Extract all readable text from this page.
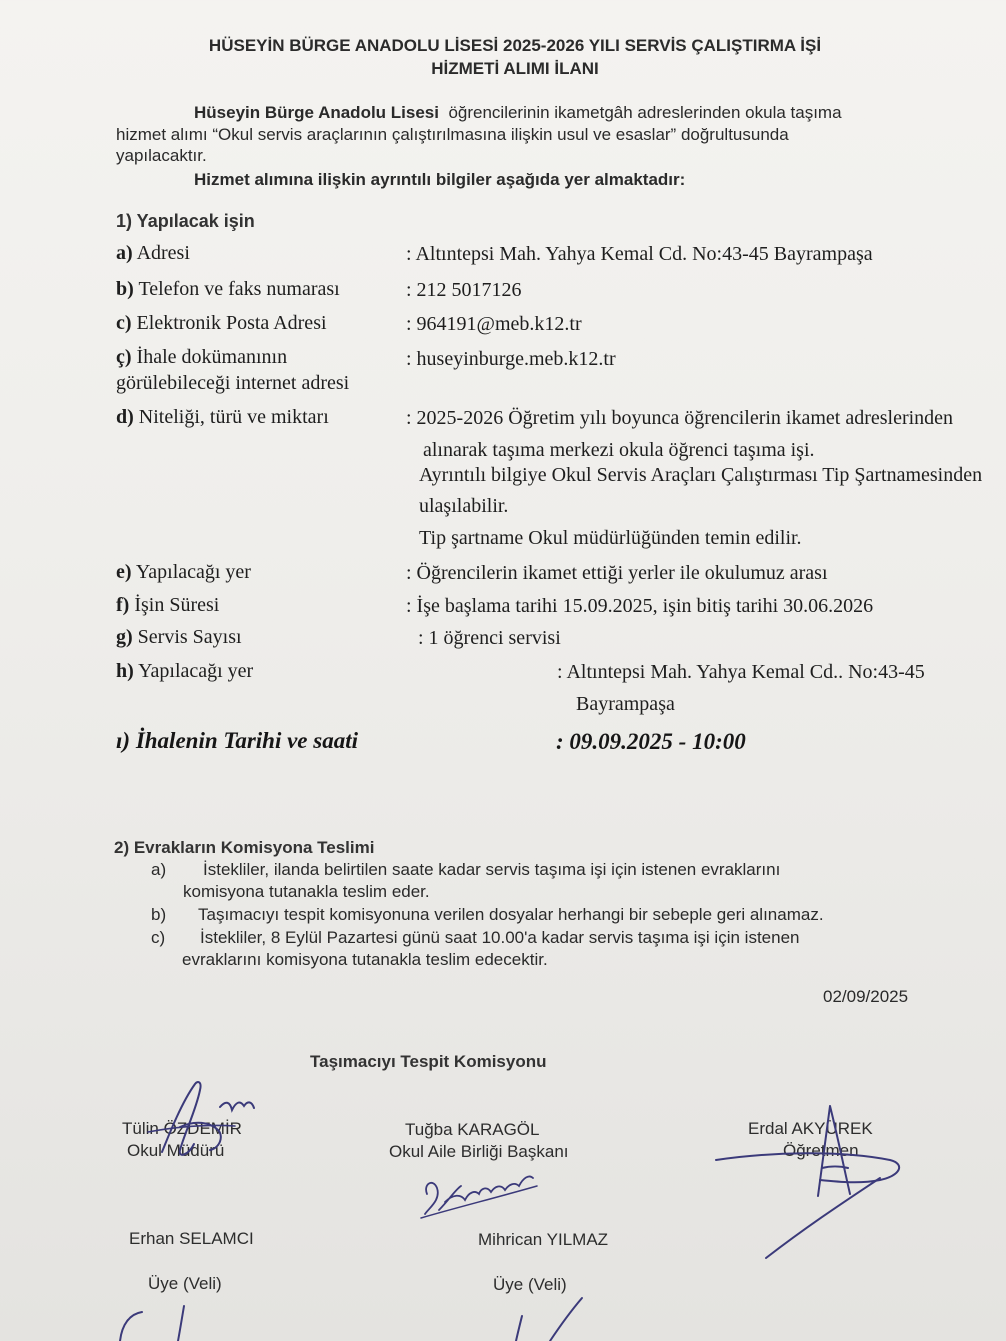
HÜSEYİN BÜRGE ANADOLU LİSESİ 2025-2026 YILI SERVİS ÇALIŞTIRMA İŞİ
HİZMETİ ALIMI İLANI
Hüseyin Bürge Anadolu Lisesi öğrencilerinin ikametgâh adreslerinden okula taşıma
hizmet alımı “Okul servis araçlarının çalıştırılmasına ilişkin usul ve esaslar” doğrultusunda
yapılacaktır.
Hizmet alımına ilişkin ayrıntılı bilgiler aşağıda yer almaktadır:
1) Yapılacak işin
a) Adresi	: Altıntepsi Mah. Yahya Kemal Cd. No:43-45 Bayrampaşa
b) Telefon ve faks numarası	: 212 5017126
c) Elektronik Posta Adresi	: 964191@meb.k12.tr
ç) İhale dokümanının
görülebileceği internet adresi
: huseyinburge.meb.k12.tr
d) Niteliği, türü ve miktarı	: 2025-2026 Öğretim yılı boyunca öğrencilerin ikamet adreslerinden
alınarak taşıma merkezi okula öğrenci taşıma işi.
Ayrıntılı bilgiye Okul Servis Araçları Çalıştırması Tip Şartnamesinden
ulaşılabilir.
Tip şartname Okul müdürlüğünden temin edilir.
e) Yapılacağı yer	: Öğrencilerin ikamet ettiği yerler ile okulumuz arası
f) İşin Süresi	: İşe başlama tarihi 15.09.2025, işin bitiş tarihi 30.06.2026
g) Servis Sayısı	: 1 öğrenci servisi
h) Yapılacağı yer	: Altıntepsi Mah. Yahya Kemal Cd.. No:43-45
Bayrampaşa
ı) İhalenin Tarihi ve saati	: 09.09.2025 - 10:00
2) Evrakların Komisyona Teslimi
a) İstekliler, ilanda belirtilen saate kadar servis taşıma işi için istenen evraklarını
komisyona tutanakla teslim eder.
b) Taşımacıyı tespit komisyonuna verilen dosyalar herhangi bir sebeple geri alınamaz.
c) İstekliler, 8 Eylül Pazartesi günü saat 10.00'a kadar servis taşıma işi için istenen
evraklarını komisyona tutanakla teslim edecektir.
02/09/2025
Taşımacıyı Tespit Komisyonu
Tülin ÖZDEMİR
Okul Müdürü
Tuğba KARAGÖL
Okul Aile Birliği Başkanı
Erdal AKYÜREK
Öğretmen
Erhan SELAMCI
Üye (Veli)
Mihrican YILMAZ
Üye (Veli)
